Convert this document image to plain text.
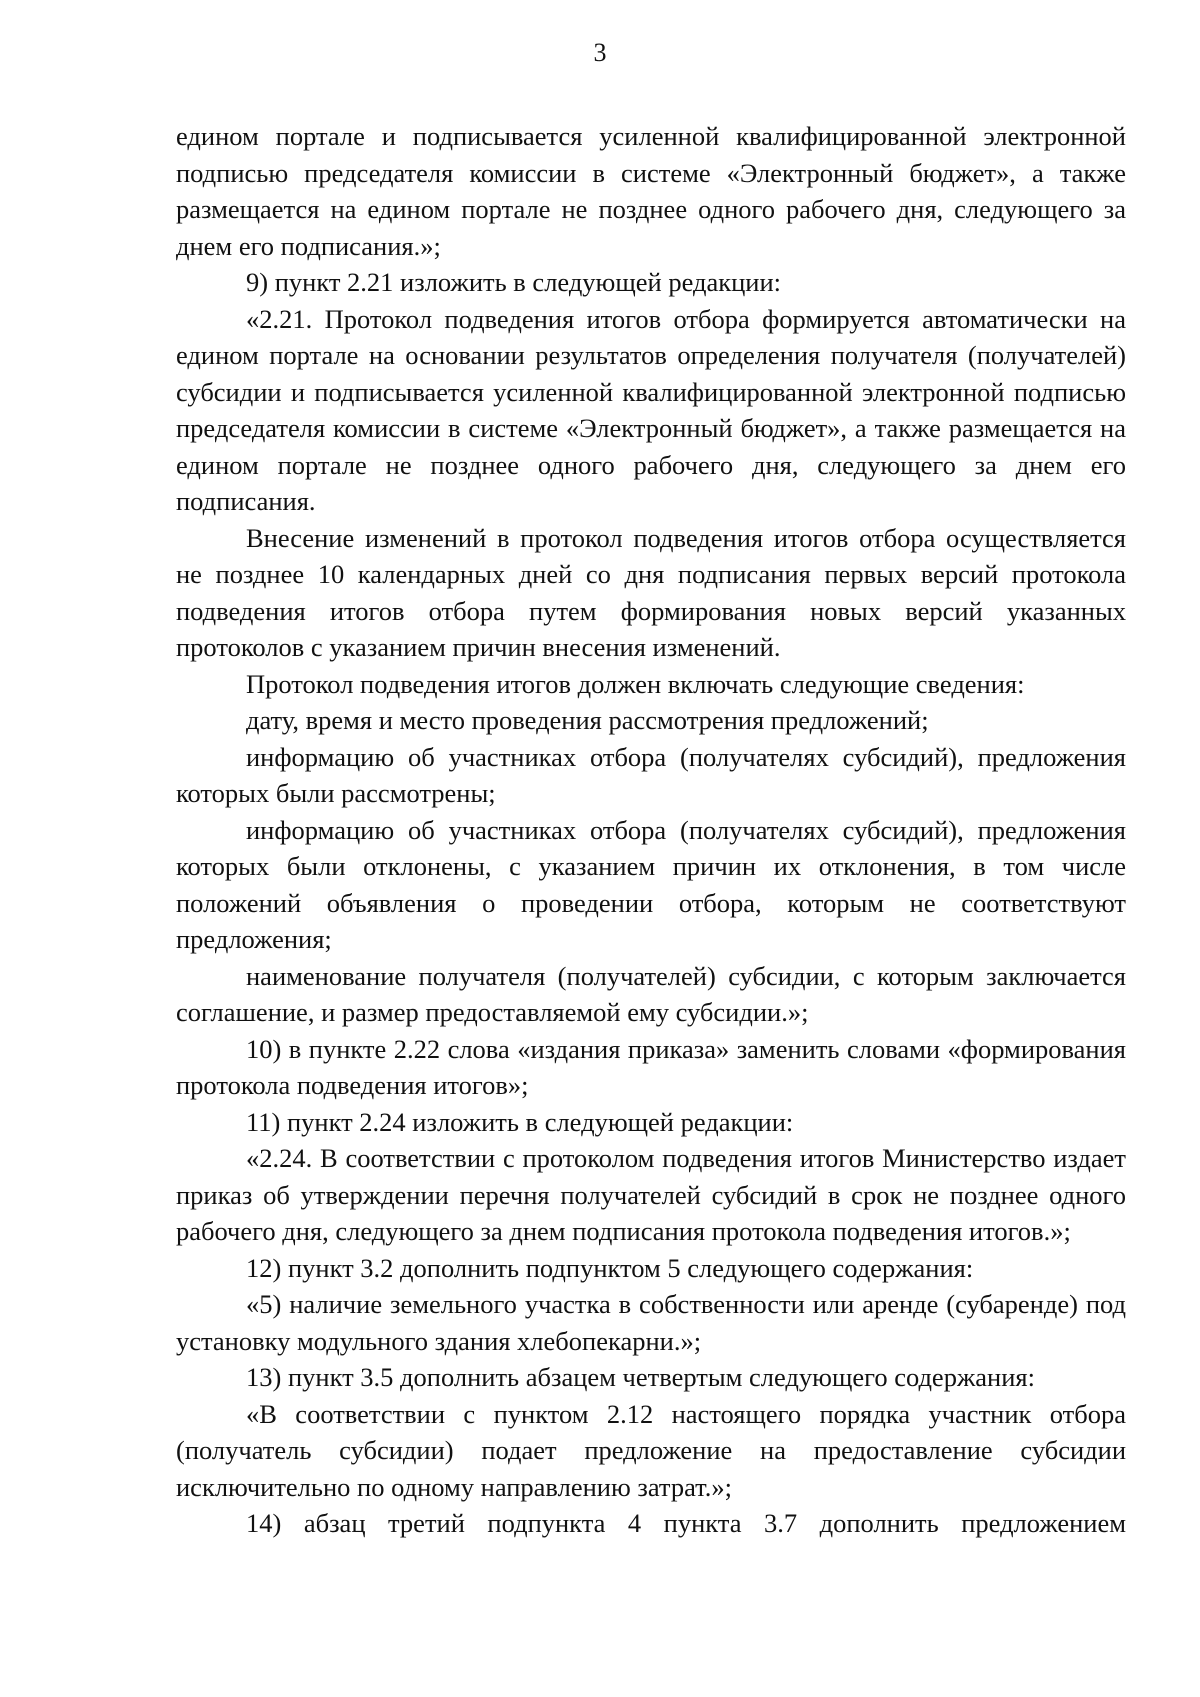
3

едином портале и подписывается усиленной квалифицированной электронной подписью председателя комиссии в системе «Электронный бюджет», а также размещается на едином портале не позднее одного рабочего дня, следующего за днем его подписания.»;

9) пункт 2.21 изложить в следующей редакции:

«2.21. Протокол подведения итогов отбора формируется автоматически на едином портале на основании результатов определения получателя (получателей) субсидии и подписывается усиленной квалифицированной электронной подписью председателя комиссии в системе «Электронный бюджет», а также размещается на едином портале не позднее одного рабочего дня, следующего за днем его подписания.

Внесение изменений в протокол подведения итогов отбора осуществляется не позднее 10 календарных дней со дня подписания первых версий протокола подведения итогов отбора путем формирования новых версий указанных протоколов с указанием причин внесения изменений.

Протокол подведения итогов должен включать следующие сведения:

дату, время и место проведения рассмотрения предложений;

информацию об участниках отбора (получателях субсидий), предложения которых были рассмотрены;

информацию об участниках отбора (получателях субсидий), предложения которых были отклонены, с указанием причин их отклонения, в том числе положений объявления о проведении отбора, которым не соответствуют предложения;

наименование получателя (получателей) субсидии, с которым заключается соглашение, и размер предоставляемой ему субсидии.»;

10) в пункте 2.22 слова «издания приказа» заменить словами «формирования протокола подведения итогов»;

11) пункт 2.24 изложить в следующей редакции:

«2.24. В соответствии с протоколом подведения итогов Министерство издает приказ об утверждении перечня получателей субсидий в срок не позднее одного рабочего дня, следующего за днем подписания протокола подведения итогов.»;

12) пункт 3.2 дополнить подпунктом 5 следующего содержания:

«5) наличие земельного участка в собственности или аренде (субаренде) под установку модульного здания хлебопекарни.»;

13) пункт 3.5 дополнить абзацем четвертым следующего содержания:

«В соответствии с пунктом 2.12 настоящего порядка участник отбора (получатель субсидии) подает предложение на предоставление субсидии исключительно по одному направлению затрат.»;

14) абзац третий подпункта 4 пункта 3.7 дополнить предложением
